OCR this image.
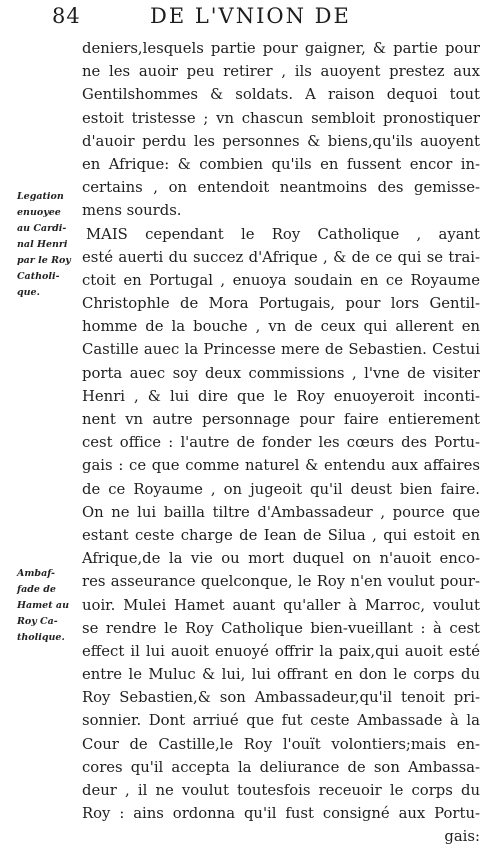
84	DE L'VNION DE
Legation
enuoyee
au Cardi-
nal Henri
par le Roy
Catholi-
que.
Ambaf-
fade de
Hamet au
Roy Ca-
tholique.
deniers,lesquels partie pour gaigner, & partie pour
ne les auoir peu retirer , ils auoyent prestez aux
Gentilshommes & soldats. A raison dequoi tout
estoit tristesse ; vn chascun sembloit pronostiquer
d'auoir perdu les personnes & biens,qu'ils auoyent
en Afrique: & combien qu'ils en fussent encor in-
certains , on entendoit neantmoins des gemisse-
mens sourds.
MAIS cependant le Roy Catholique , ayant
esté auerti du succez d'Afrique , & de ce qui se trai-
ctoit en Portugal , enuoya soudain en ce Royaume
Christophle de Mora Portugais, pour lors Gentil-
homme de la bouche , vn de ceux qui allerent en
Castille auec la Princesse mere de Sebastien. Cestui
porta auec soy deux commissions , l'vne de visiter
Henri , & lui dire que le Roy enuoyeroit inconti-
nent vn autre personnage pour faire entierement
cest office : l'autre de fonder les cœurs des Portu-
gais : ce que comme naturel & entendu aux affaires
de ce Royaume , on jugeoit qu'il deust bien faire.
On ne lui bailla tiltre d'Ambassadeur , pource que
estant ceste charge de Iean de Silua , qui estoit en
Afrique,de la vie ou mort duquel on n'auoit enco-
res asseurance quelconque, le Roy n'en voulut pour-
uoir. Mulei Hamet auant qu'aller à Marroc, voulut
se rendre le Roy Catholique bien-vueillant : à cest
effect il lui auoit enuoyé offrir la paix,qui auoit esté
entre le Muluc & lui, lui offrant en don le corps du
Roy Sebastien,& son Ambassadeur,qu'il tenoit pri-
sonnier. Dont arriué que fut ceste Ambassade à la
Cour de Castille,le Roy l'ouït volontiers;mais en-
cores qu'il accepta la deliurance de son Ambassa-
deur , il ne voulut toutesfois receuoir le corps du
Roy : ains ordonna qu'il fust consigné aux Portu-
gais:
